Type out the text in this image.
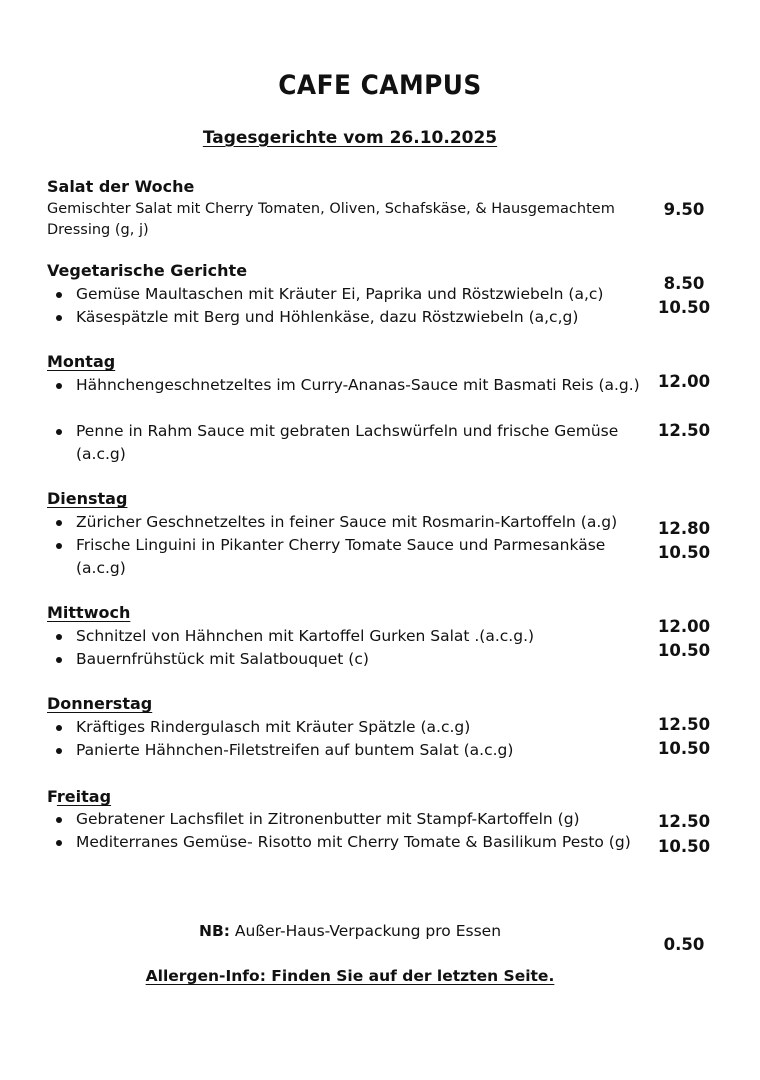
CAFE CAMPUS
Tagesgerichte vom 26.10.2025
Salat der Woche
Gemischter Salat mit Cherry Tomaten, Oliven, Schafskäse, & Hausgemachtem Dressing (g, j)
9.50
Vegetarische Gerichte
Gemüse Maultaschen mit Kräuter Ei, Paprika und Röstzwiebeln (a,c)
Käsespätzle mit Berg und Höhlenkäse, dazu Röstzwiebeln (a,c,g)
8.50
10.50
Montag
Hähnchengeschnetzeltes im Curry-Ananas-Sauce mit Basmati Reis (a.g.)
Penne in Rahm Sauce mit gebraten Lachswürfeln und frische Gemüse (a.c.g)
12.00
12.50
Dienstag
Züricher Geschnetzeltes in feiner Sauce mit Rosmarin-Kartoffeln (a.g)
Frische Linguini in Pikanter Cherry Tomate Sauce und Parmesankäse (a.c.g)
12.80
10.50
Mittwoch
Schnitzel von Hähnchen mit Kartoffel Gurken Salat .(a.c.g.)
Bauernfrühstück mit Salatbouquet (c)
12.00
10.50
Donnerstag
Kräftiges Rindergulasch mit Kräuter Spätzle (a.c.g)
Panierte Hähnchen-Filetstreifen auf buntem Salat (a.c.g)
12.50
10.50
Freitag
Gebratener Lachsfilet in Zitronenbutter mit Stampf-Kartoffeln (g)
Mediterranes Gemüse- Risotto mit Cherry Tomate & Basilikum Pesto (g)
12.50
10.50
NB: Außer-Haus-Verpackung pro Essen
0.50
Allergen-Info: Finden Sie auf der letzten Seite.
